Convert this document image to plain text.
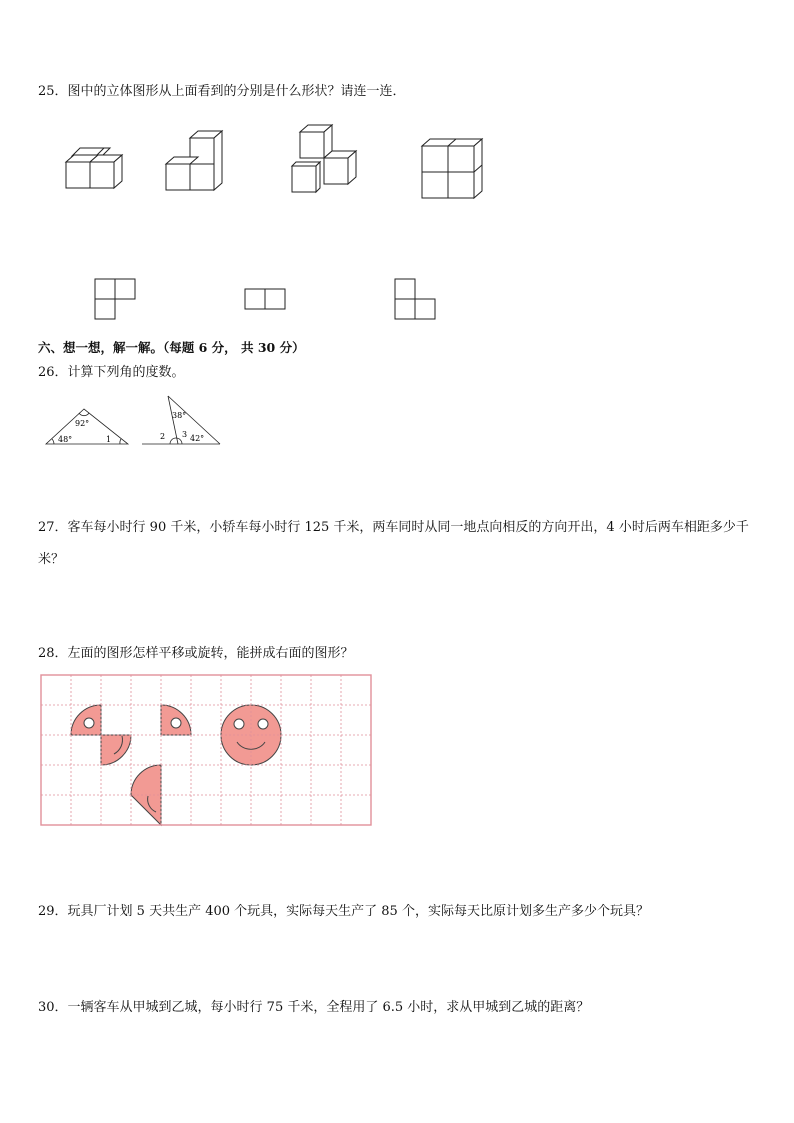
25．图中的立体图形从上面看到的分别是什么形状？请连一连．

六、想一想，解一解。（每题 6 分， 共 30 分）

26．计算下列角的度数。

92°
48°	1
38°
2 3 42°

27．客车每小时行 90 千米，小轿车每小时行 125 千米，两车同时从同一地点向相反的方向开出，4 小时后两车相距多少千米？

28．左面的图形怎样平移或旋转，能拼成右面的图形？

29．玩具厂计划 5 天共生产 400 个玩具，实际每天生产了 85 个，实际每天比原计划多生产多少个玩具？

30．一辆客车从甲城到乙城，每小时行 75 千米，全程用了 6.5 小时，求从甲城到乙城的距离？
